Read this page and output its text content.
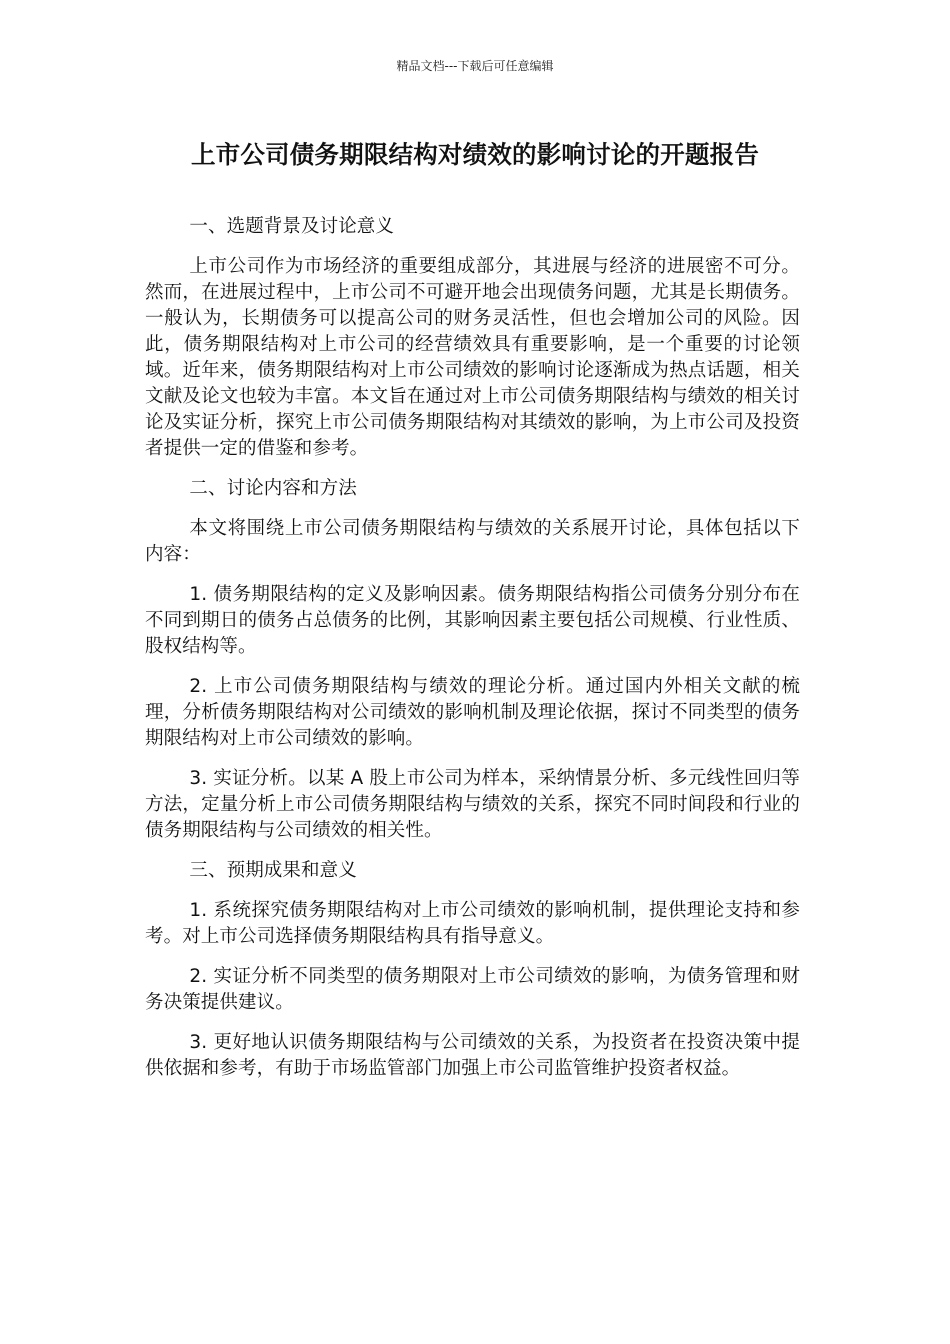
精品文档---下载后可任意编辑
上市公司债务期限结构对绩效的影响讨论的开题报告

一、选题背景及讨论意义

上市公司作为市场经济的重要组成部分，其进展与经济的进展密不可分。然而，在进展过程中，上市公司不可避开地会出现债务问题，尤其是长期债务。一般认为，长期债务可以提高公司的财务灵活性，但也会增加公司的风险。因此，债务期限结构对上市公司的经营绩效具有重要影响，是一个重要的讨论领域。近年来，债务期限结构对上市公司绩效的影响讨论逐渐成为热点话题，相关文献及论文也较为丰富。本文旨在通过对上市公司债务期限结构与绩效的相关讨论及实证分析，探究上市公司债务期限结构对其绩效的影响，为上市公司及投资者提供一定的借鉴和参考。

二、讨论内容和方法

本文将围绕上市公司债务期限结构与绩效的关系展开讨论，具体包括以下内容：

1. 债务期限结构的定义及影响因素。债务期限结构指公司债务分别分布在不同到期日的债务占总债务的比例，其影响因素主要包括公司规模、行业性质、股权结构等。

2. 上市公司债务期限结构与绩效的理论分析。通过国内外相关文献的梳理，分析债务期限结构对公司绩效的影响机制及理论依据，探讨不同类型的债务期限结构对上市公司绩效的影响。

3. 实证分析。以某 A 股上市公司为样本，采纳情景分析、多元线性回归等方法，定量分析上市公司债务期限结构与绩效的关系，探究不同时间段和行业的债务期限结构与公司绩效的相关性。

三、预期成果和意义

1. 系统探究债务期限结构对上市公司绩效的影响机制，提供理论支持和参考。对上市公司选择债务期限结构具有指导意义。

2. 实证分析不同类型的债务期限对上市公司绩效的影响，为债务管理和财务决策提供建议。

3. 更好地认识债务期限结构与公司绩效的关系，为投资者在投资决策中提供依据和参考，有助于市场监管部门加强上市公司监管维护投资者权益。
